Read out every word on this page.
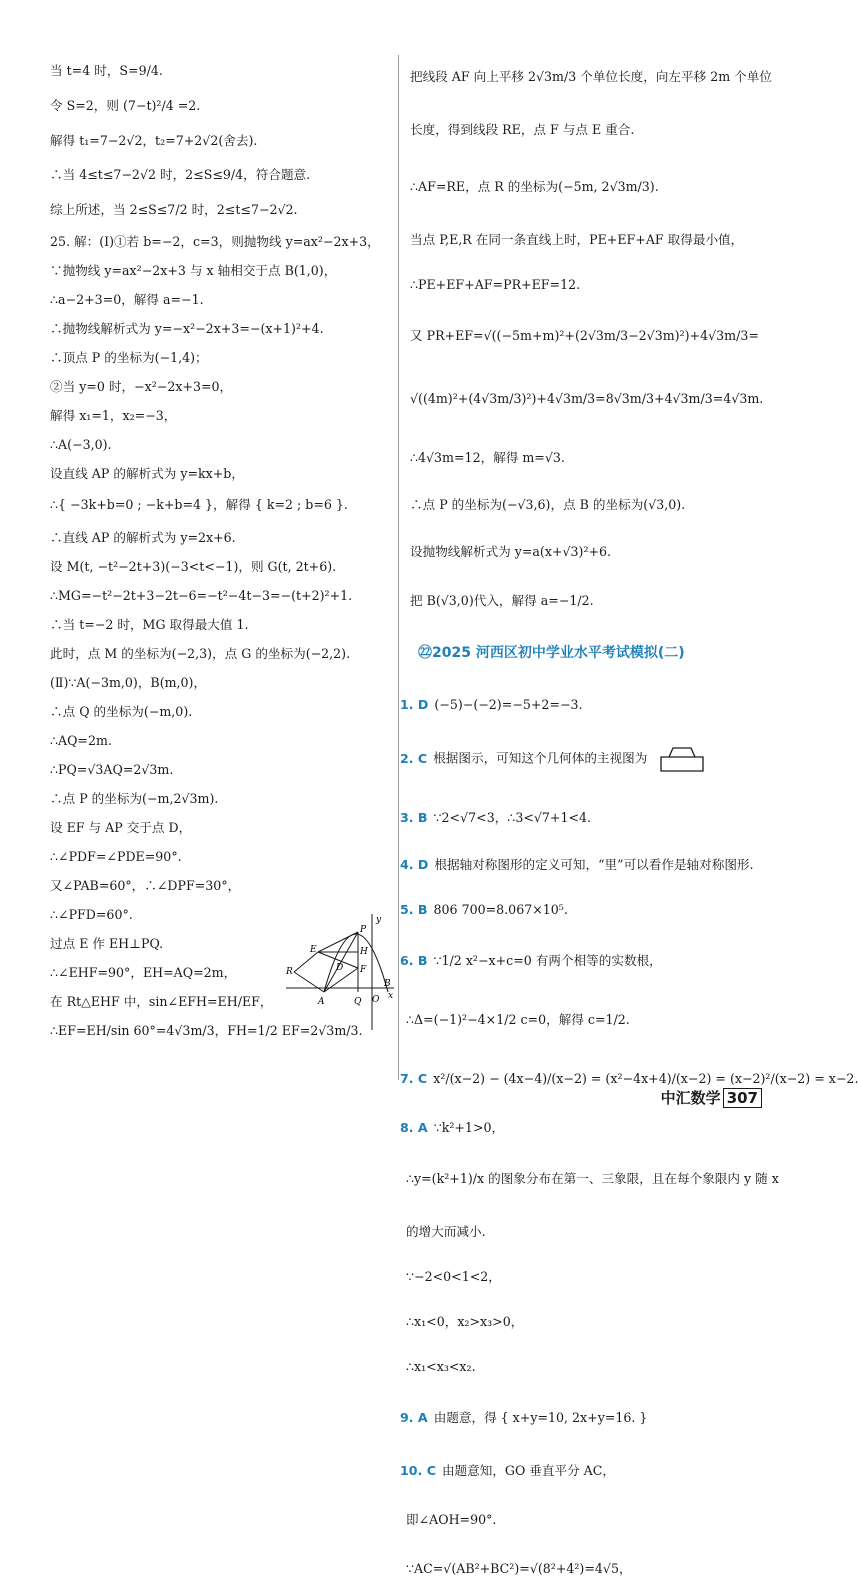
当 t=4 时，S=9/4.
令 S=2，则 (7−t)²/4 =2.
解得 t₁=7−2√2，t₂=7+2√2(舍去).
∴当 4≤t≤7−2√2 时，2≤S≤9/4，符合题意.
综上所述，当 2≤S≤7/2 时，2≤t≤7−2√2.
25. 解：(Ⅰ)①若 b=−2，c=3，则抛物线 y=ax²−2x+3，
∵抛物线 y=ax²−2x+3 与 x 轴相交于点 B(1,0)，
∴a−2+3=0，解得 a=−1.
∴抛物线解析式为 y=−x²−2x+3=−(x+1)²+4.
∴顶点 P 的坐标为(−1,4)；
②当 y=0 时，−x²−2x+3=0，
解得 x₁=1，x₂=−3，
∴A(−3,0).
设直线 AP 的解析式为 y=kx+b，
∴{ −3k+b=0 ; −k+b=4 }，解得 { k=2 ; b=6 }.
∴直线 AP 的解析式为 y=2x+6.
设 M(t, −t²−2t+3)(−3<t<−1)，则 G(t, 2t+6).
∴MG=−t²−2t+3−2t−6=−t²−4t−3=−(t+2)²+1.
∴当 t=−2 时，MG 取得最大值 1.
此时，点 M 的坐标为(−2,3)，点 G 的坐标为(−2,2).
(Ⅱ)∵A(−3m,0)，B(m,0)，
∴点 Q 的坐标为(−m,0).
∴AQ=2m.
∴PQ=√3AQ=2√3m.
∴点 P 的坐标为(−m,2√3m).
设 EF 与 AP 交于点 D，
∴∠PDF=∠PDE=90°.
又∠PAB=60°，∴∠DPF=30°，
∴∠PFD=60°.
过点 E 作 EH⊥PQ.
∴∠EHF=90°，EH=AQ=2m，
在 Rt△EHF 中，sin∠EFH=EH/EF，
∴EF=EH/sin 60°=4√3m/3，FH=1/2 EF=2√3m/3.
把线段 AF 向上平移 2√3m/3 个单位长度，向左平移 2m 个单位
长度，得到线段 RE，点 F 与点 E 重合.
∴AF=RE，点 R 的坐标为(−5m, 2√3m/3).
当点 P,E,R 在同一条直线上时，PE+EF+AF 取得最小值，
∴PE+EF+AF=PR+EF=12.
又 PR+EF=√((−5m+m)²+(2√3m/3−2√3m)²)+4√3m/3=
√((4m)²+(4√3m/3)²)+4√3m/3=8√3m/3+4√3m/3=4√3m.
∴4√3m=12，解得 m=√3.
∴点 P 的坐标为(−√3,6)，点 B 的坐标为(√3,0).
设抛物线解析式为 y=a(x+√3)²+6.
把 B(√3,0)代入，解得 a=−1/2.
㉒2025 河西区初中学业水平考试模拟(二)
1. D (−5)−(−2)=−5+2=−3.
2. C 根据图示，可知这个几何体的主视图为
3. B ∵2<√7<3，∴3<√7+1<4.
4. D 根据轴对称图形的定义可知，“里”可以看作是轴对称图形.
5. B 806 700=8.067×10⁵.
6. B ∵1/2 x²−x+c=0 有两个相等的实数根，
∴Δ=(−1)²−4×1/2 c=0，解得 c=1/2.
7. C x²/(x−2) − (4x−4)/(x−2) = (x²−4x+4)/(x−2) = (x−2)²/(x−2) = x−2.
8. A ∵k²+1>0，
∴y=(k²+1)/x 的图象分布在第一、三象限，且在每个象限内 y 随 x
的增大而减小.
∵−2<0<1<2，
∴x₁<0，x₂>x₃>0，
∴x₁<x₃<x₂.
9. A 由题意，得 { x+y=10, 2x+y=16. }
10. C 由题意知，GO 垂直平分 AC，
即∠AOH=90°.
∵AC=√(AB²+BC²)=√(8²+4²)=4√5，
y
P
E	H
R	D F
A	Q O
B
x
中汇数学 307
